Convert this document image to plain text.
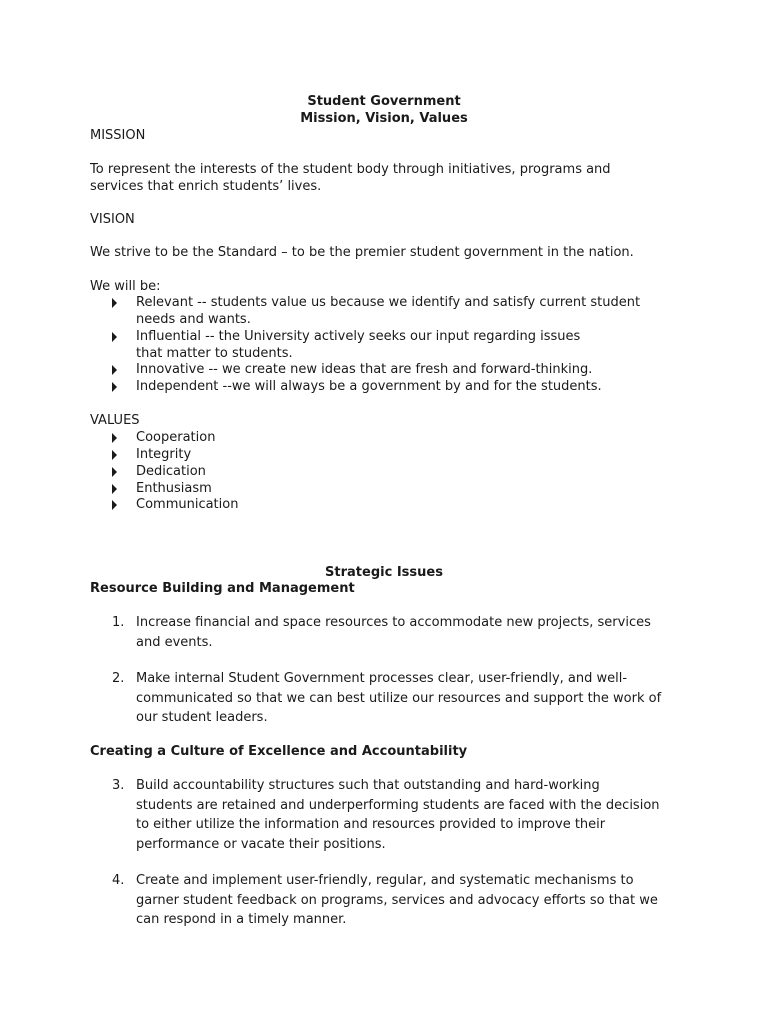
Student Government
Mission, Vision, Values
MISSION
To represent the interests of the student body through initiatives, programs and
services that enrich students’ lives.
VISION
We strive to be the Standard – to be the premier student government in the nation.
We will be:
Relevant -- students value us because we identify and satisfy current student
needs and wants.
Influential -- the University actively seeks our input regarding issues
that matter to students.
Innovative -- we create new ideas that are fresh and forward-thinking.
Independent --we will always be a government by and for the students.
VALUES
Cooperation
Integrity
Dedication
Enthusiasm
Communication
Strategic Issues
Resource Building and Management
1. Increase financial and space resources to accommodate new projects, services
and events.
2. Make internal Student Government processes clear, user-friendly, and well-
communicated so that we can best utilize our resources and support the work of
our student leaders.
Creating a Culture of Excellence and Accountability
3. Build accountability structures such that outstanding and hard-working
students are retained and underperforming students are faced with the decision
to either utilize the information and resources provided to improve their
performance or vacate their positions.
4. Create and implement user-friendly, regular, and systematic mechanisms to
garner student feedback on programs, services and advocacy efforts so that we
can respond in a timely manner.
